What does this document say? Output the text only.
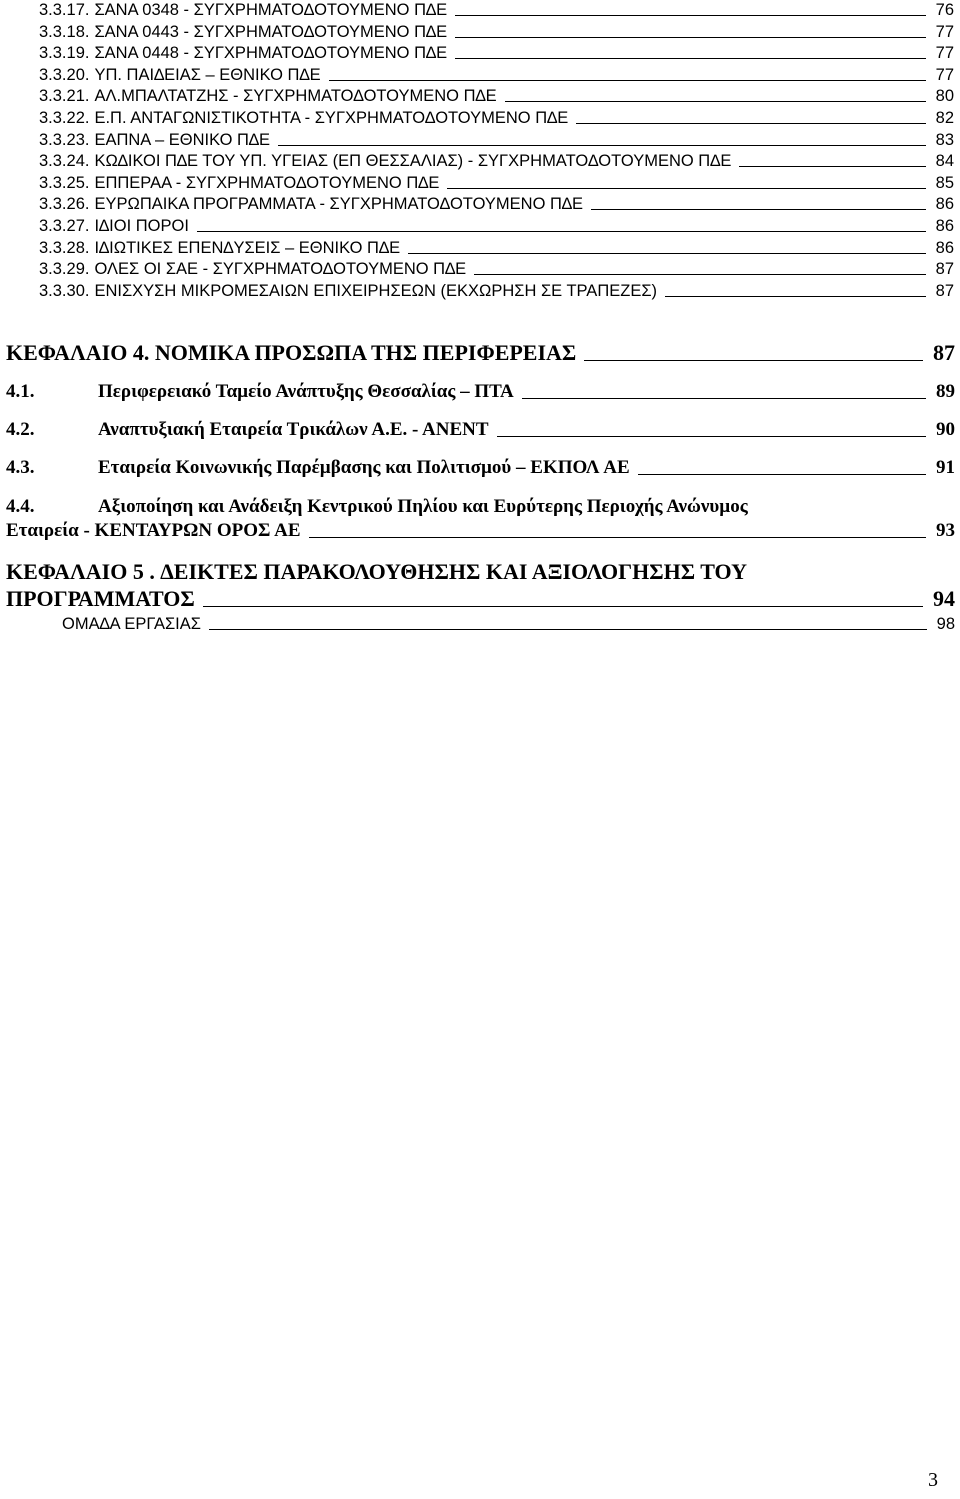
3.3.17. ΣΑΝΑ 0348 - ΣΥΓΧΡΗΜΑΤΟ∆ΟΤΟΥΜΕΝΟ Π∆Ε	76
3.3.18. ΣΑΝΑ 0443 - ΣΥΓΧΡΗΜΑΤΟ∆ΟΤΟΥΜΕΝΟ Π∆Ε	77
3.3.19. ΣΑΝΑ 0448 - ΣΥΓΧΡΗΜΑΤΟ∆ΟΤΟΥΜΕΝΟ Π∆Ε	77
3.3.20. ΥΠ. ΠΑΙ∆ΕΙΑΣ – ΕΘΝΙΚΟ Π∆Ε	77
3.3.21. ΑΛ.ΜΠΑΛΤΑΤΖΗΣ - ΣΥΓΧΡΗΜΑΤΟ∆ΟΤΟΥΜΕΝΟ Π∆Ε	80
3.3.22. Ε.Π. ΑΝΤΑΓΩΝΙΣΤΙΚΟΤΗΤΑ - ΣΥΓΧΡΗΜΑΤΟ∆ΟΤΟΥΜΕΝΟ Π∆Ε	82
3.3.23. ΕΑΠΝΑ – ΕΘΝΙΚΟ Π∆Ε	83
3.3.24. ΚΩ∆ΙΚΟΙ Π∆Ε ΤΟΥ ΥΠ. ΥΓΕΙΑΣ (ΕΠ ΘΕΣΣΑΛΙΑΣ) - ΣΥΓΧΡΗΜΑΤΟ∆ΟΤΟΥΜΕΝΟ Π∆Ε	84
3.3.25. ΕΠΠΕΡΑΑ - ΣΥΓΧΡΗΜΑΤΟ∆ΟΤΟΥΜΕΝΟ Π∆Ε	85
3.3.26. ΕΥΡΩΠΑΙΚΑ ΠΡΟΓΡΑΜΜΑΤΑ - ΣΥΓΧΡΗΜΑΤΟ∆ΟΤΟΥΜΕΝΟ Π∆Ε	86
3.3.27. Ι∆ΙΟΙ ΠΟΡΟΙ	86
3.3.28. Ι∆ΙΩΤΙΚΕΣ ΕΠΕΝ∆ΥΣΕΙΣ – ΕΘΝΙΚΟ Π∆Ε	86
3.3.29. ΟΛΕΣ ΟΙ ΣΑΕ - ΣΥΓΧΡΗΜΑΤΟ∆ΟΤΟΥΜΕΝΟ Π∆Ε	87
3.3.30. ΕΝΙΣΧΥΣΗ ΜΙΚΡΟΜΕΣΑΙΩΝ ΕΠΙΧΕΙΡΗΣΕΩΝ (ΕΚΧΩΡΗΣΗ ΣΕ ΤΡΑΠΕΖΕΣ)	87
ΚΕΦΑΛΑΙΟ 4. ΝΟΜΙΚΑ ΠΡΟΣΩΠΑ ΤΗΣ ΠΕΡΙΦΕΡΕΙΑΣ	87
4.1.	Περιφερειακό Ταµείο Ανάπτυξης Θεσσαλίας – ΠΤΑ	89
4.2.	Αναπτυξιακή Εταιρεία Τρικάλων Α.Ε. - ΑΝΕΝΤ	90
4.3.	Εταιρεία Κοινωνικής Παρέµβασης και Πολιτισµού – ΕΚΠΟΛ ΑΕ	91
4.4.	Αξιοποίηση και Ανάδειξη Κεντρικού Πηλίου και Ευρύτερης Περιοχής Ανώνυµος
Εταιρεία - ΚΕΝΤΑΥΡΩΝ ΟΡΟΣ ΑΕ	93
ΚΕΦΑΛΑΙΟ 5 . ∆ΕΙΚΤΕΣ ΠΑΡΑΚΟΛΟΥΘΗΣΗΣ ΚΑΙ ΑΞΙΟΛΟΓΗΣΗΣ ΤΟΥ
ΠΡΟΓΡΑΜΜΑΤΟΣ	94
ΟΜΑ∆Α ΕΡΓΑΣΙΑΣ	98
3
